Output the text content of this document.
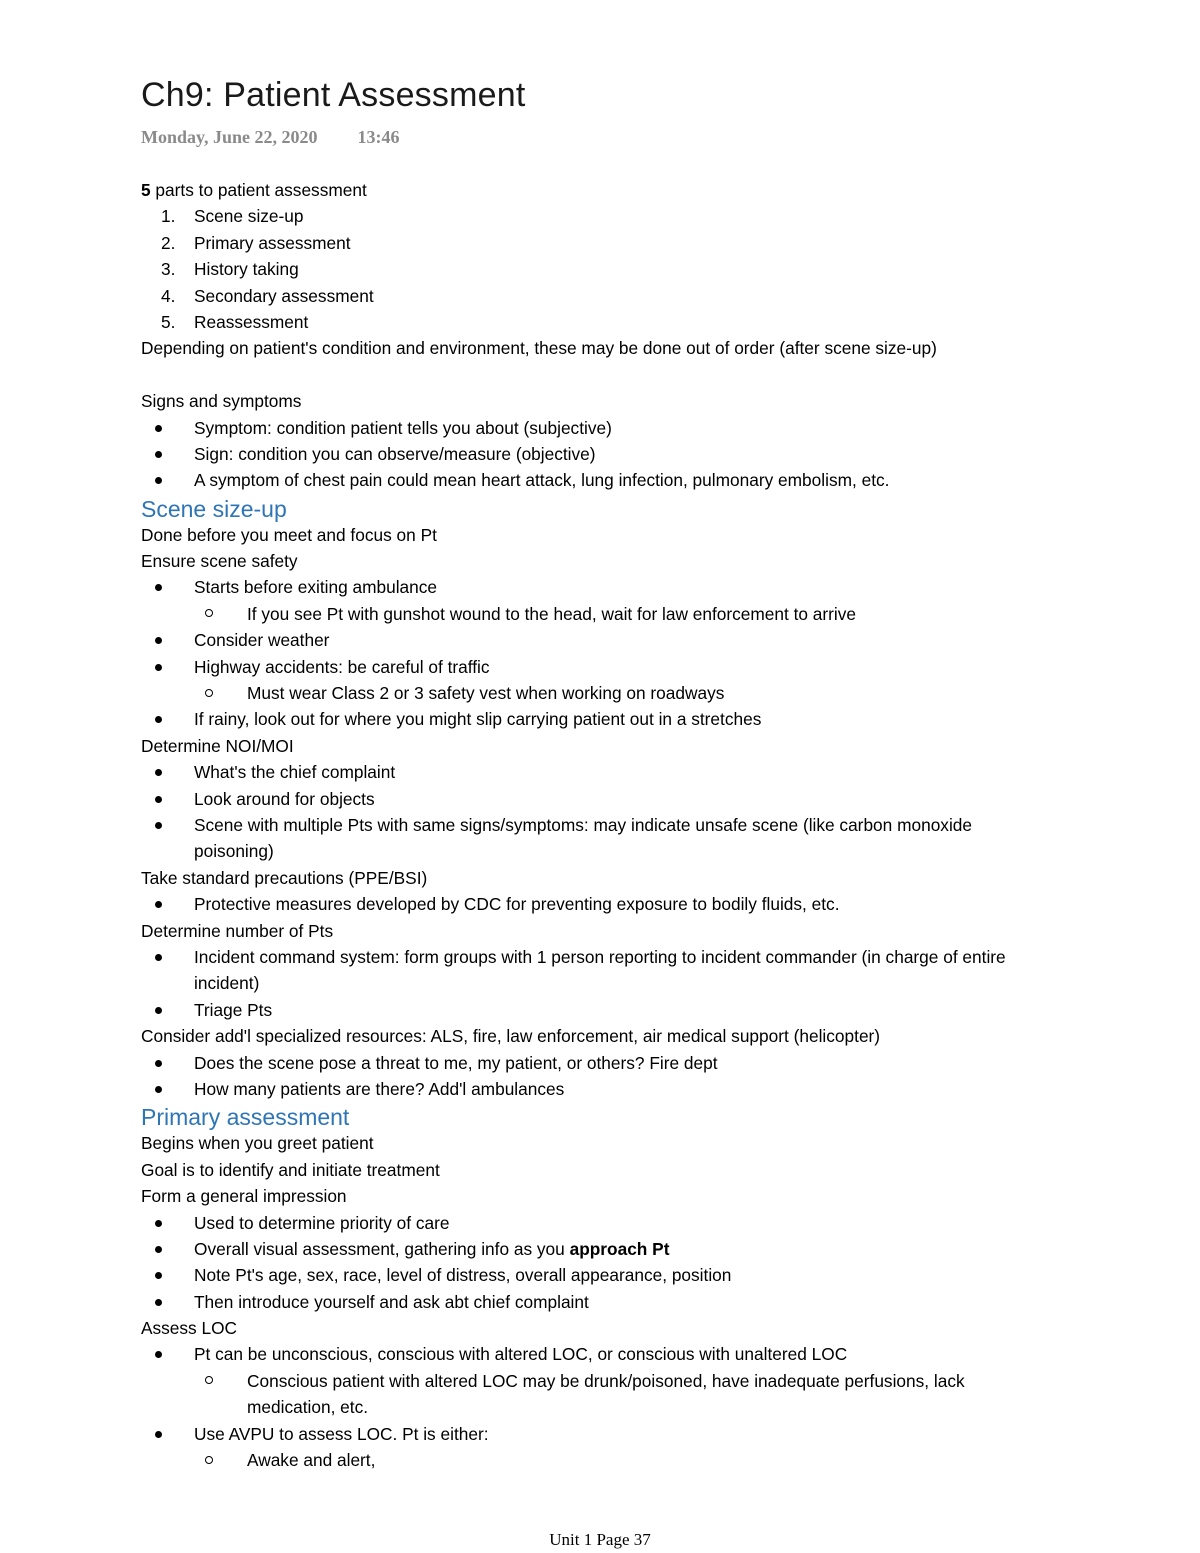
Ch9: Patient Assessment
Monday, June 22, 2020 13:46
5 parts to patient assessment
1.	Scene size-up
2.	Primary assessment
3.	History taking
4.	Secondary assessment
5.	Reassessment
Depending on patient's condition and environment, these may be done out of order (after scene size-up)
Signs and symptoms
Symptom: condition patient tells you about (subjective)
Sign: condition you can observe/measure (objective)
A symptom of chest pain could mean heart attack, lung infection, pulmonary embolism, etc.
Scene size-up
Done before you meet and focus on Pt
Ensure scene safety
Starts before exiting ambulance
If you see Pt with gunshot wound to the head, wait for law enforcement to arrive
Consider weather
Highway accidents: be careful of traffic
Must wear Class 2 or 3 safety vest when working on roadways
If rainy, look out for where you might slip carrying patient out in a stretches
Determine NOI/MOI
What's the chief complaint
Look around for objects
Scene with multiple Pts with same signs/symptoms: may indicate unsafe scene (like carbon monoxide poisoning)
Take standard precautions (PPE/BSI)
Protective measures developed by CDC for preventing exposure to bodily fluids, etc.
Determine number of Pts
Incident command system: form groups with 1 person reporting to incident commander (in charge of entire incident)
Triage Pts
Consider add'l specialized resources: ALS, fire, law enforcement, air medical support (helicopter)
Does the scene pose a threat to me, my patient, or others? Fire dept
How many patients are there? Add'l ambulances
Primary assessment
Begins when you greet patient
Goal is to identify and initiate treatment
Form a general impression
Used to determine priority of care
Overall visual assessment, gathering info as you approach Pt
Note Pt's age, sex, race, level of distress, overall appearance, position
Then introduce yourself and ask abt chief complaint
Assess LOC
Pt can be unconscious, conscious with altered LOC, or conscious with unaltered LOC
Conscious patient with altered LOC may be drunk/poisoned, have inadequate perfusions, lack medication, etc.
Use AVPU to assess LOC. Pt is either:
Awake and alert,
Unit 1 Page 37
